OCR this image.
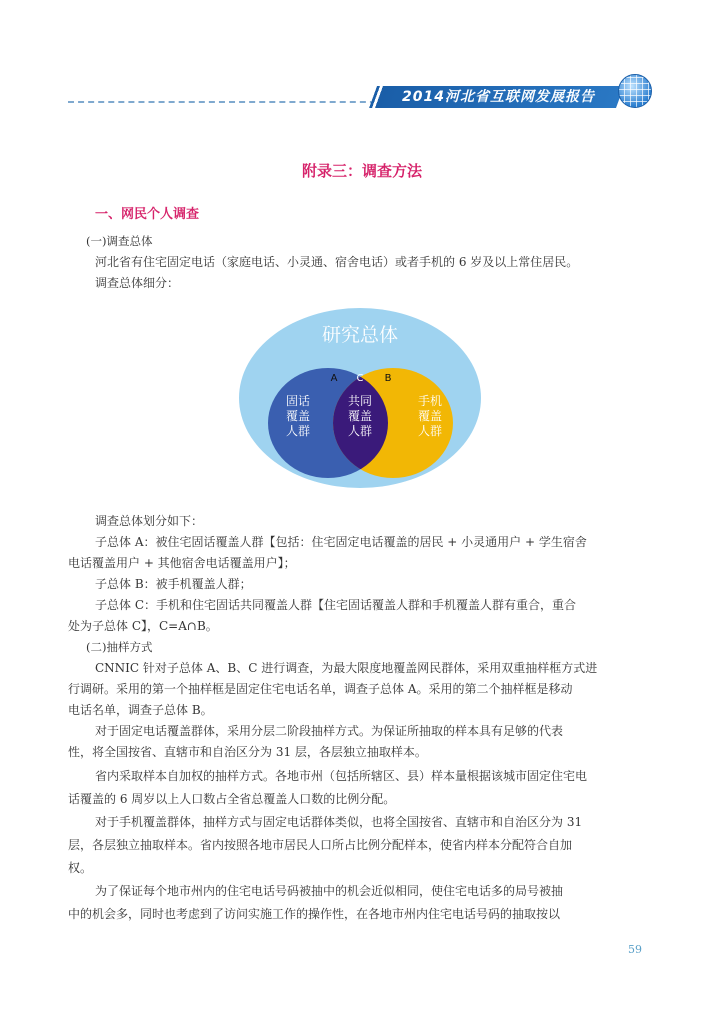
2014河北省互联网发展报告
附录三：调查方法
一、网民个人调查
(一)调查总体
河北省有住宅固定电话（家庭电话、小灵通、宿舍电话）或者手机的 6 岁及以上常住居民。
调查总体细分：
研究总体
A C B
固话
覆盖
人群
共同
覆盖
人群
手机
覆盖
人群
调查总体划分如下：
子总体 A：被住宅固话覆盖人群【包括：住宅固定电话覆盖的居民 + 小灵通用户 + 学生宿舍
电话覆盖用户 + 其他宿舍电话覆盖用户】；
子总体 B：被手机覆盖人群；
子总体 C：手机和住宅固话共同覆盖人群【住宅固话覆盖人群和手机覆盖人群有重合，重合
处为子总体 C】，C=A∩B。
(二)抽样方式
CNNIC 针对子总体 A、B、C 进行调查，为最大限度地覆盖网民群体，采用双重抽样框方式进
行调研。采用的第一个抽样框是固定住宅电话名单，调查子总体 A。采用的第二个抽样框是移动
电话名单，调查子总体 B。
对于固定电话覆盖群体，采用分层二阶段抽样方式。为保证所抽取的样本具有足够的代表
性，将全国按省、直辖市和自治区分为 31 层，各层独立抽取样本。
省内采取样本自加权的抽样方式。各地市州（包括所辖区、县）样本量根据该城市固定住宅电
话覆盖的 6 周岁以上人口数占全省总覆盖人口数的比例分配。
对于手机覆盖群体，抽样方式与固定电话群体类似，也将全国按省、直辖市和自治区分为 31
层，各层独立抽取样本。省内按照各地市居民人口所占比例分配样本，使省内样本分配符合自加
权。
为了保证每个地市州内的住宅电话号码被抽中的机会近似相同，使住宅电话多的局号被抽
中的机会多，同时也考虑到了访问实施工作的操作性，在各地市州内住宅电话号码的抽取按以
59
